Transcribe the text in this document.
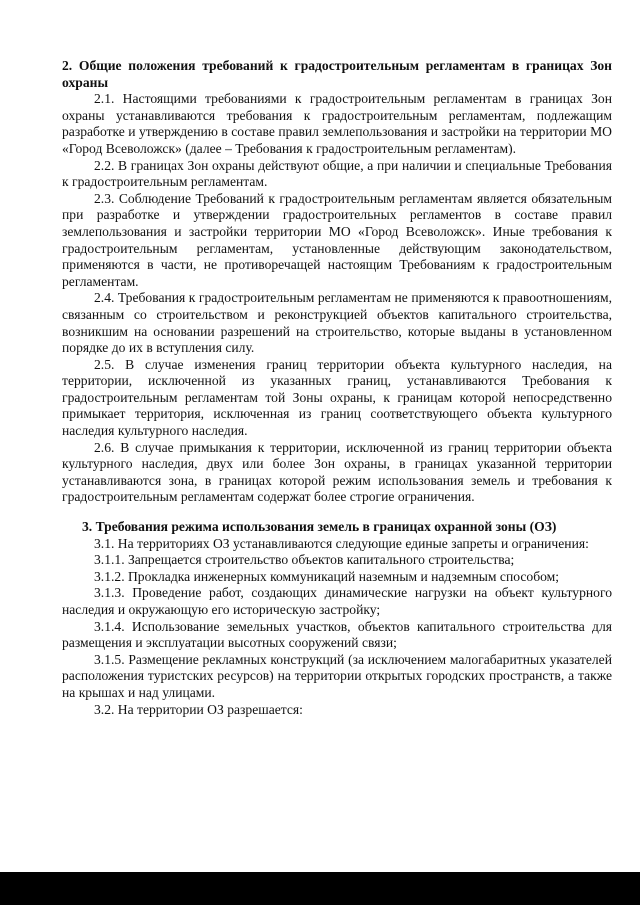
2. Общие положения требований к градостроительным регламентам в границах Зон охраны

2.1. Настоящими требованиями к градостроительным регламентам в границах Зон охраны устанавливаются требования к градостроительным регламентам, подлежащим разработке и утверждению в составе правил землепользования и застройки на территории МО «Город Всеволожск» (далее – Требования к градостроительным регламентам).

2.2. В границах Зон охраны действуют общие, а при наличии и специальные Требования к градостроительным регламентам.

2.3. Соблюдение Требований к градостроительным регламентам является обязательным при разработке и утверждении градостроительных регламентов в составе правил землепользования и застройки территории МО «Город Всеволожск». Иные требования к градостроительным регламентам, установленные действующим законодательством, применяются в части, не противоречащей настоящим Требованиям к градостроительным регламентам.

2.4. Требования к градостроительным регламентам не применяются к правоотношениям, связанным со строительством и реконструкцией объектов капитального строительства, возникшим на основании разрешений на строительство, которые выданы в установленном порядке до их в вступления силу.

2.5. В случае изменения границ территории объекта культурного наследия, на территории, исключенной из указанных границ, устанавливаются Требования к градостроительным регламентам той Зоны охраны, к границам которой непосредственно примыкает территория, исключенная из границ соответствующего объекта культурного наследия культурного наследия.

2.6. В случае примыкания к территории, исключенной из границ территории объекта культурного наследия, двух или более Зон охраны, в границах указанной территории устанавливаются зона, в границах которой режим использования земель и требования к градостроительным регламентам содержат более строгие ограничения.

3. Требования режима использования земель в границах охранной зоны (ОЗ)

3.1. На территориях ОЗ устанавливаются следующие единые запреты и ограничения:

3.1.1. Запрещается строительство объектов капитального строительства;

3.1.2. Прокладка инженерных коммуникаций наземным и надземным способом;

3.1.3. Проведение работ, создающих динамические нагрузки на объект культурного наследия и окружающую его историческую застройку;

3.1.4. Использование земельных участков, объектов капитального строительства для размещения и эксплуатации высотных сооружений связи;

3.1.5. Размещение рекламных конструкций (за исключением малогабаритных указателей расположения туристских ресурсов) на территории открытых городских пространств, а также на крышах и над улицами.

3.2. На территории ОЗ разрешается:
